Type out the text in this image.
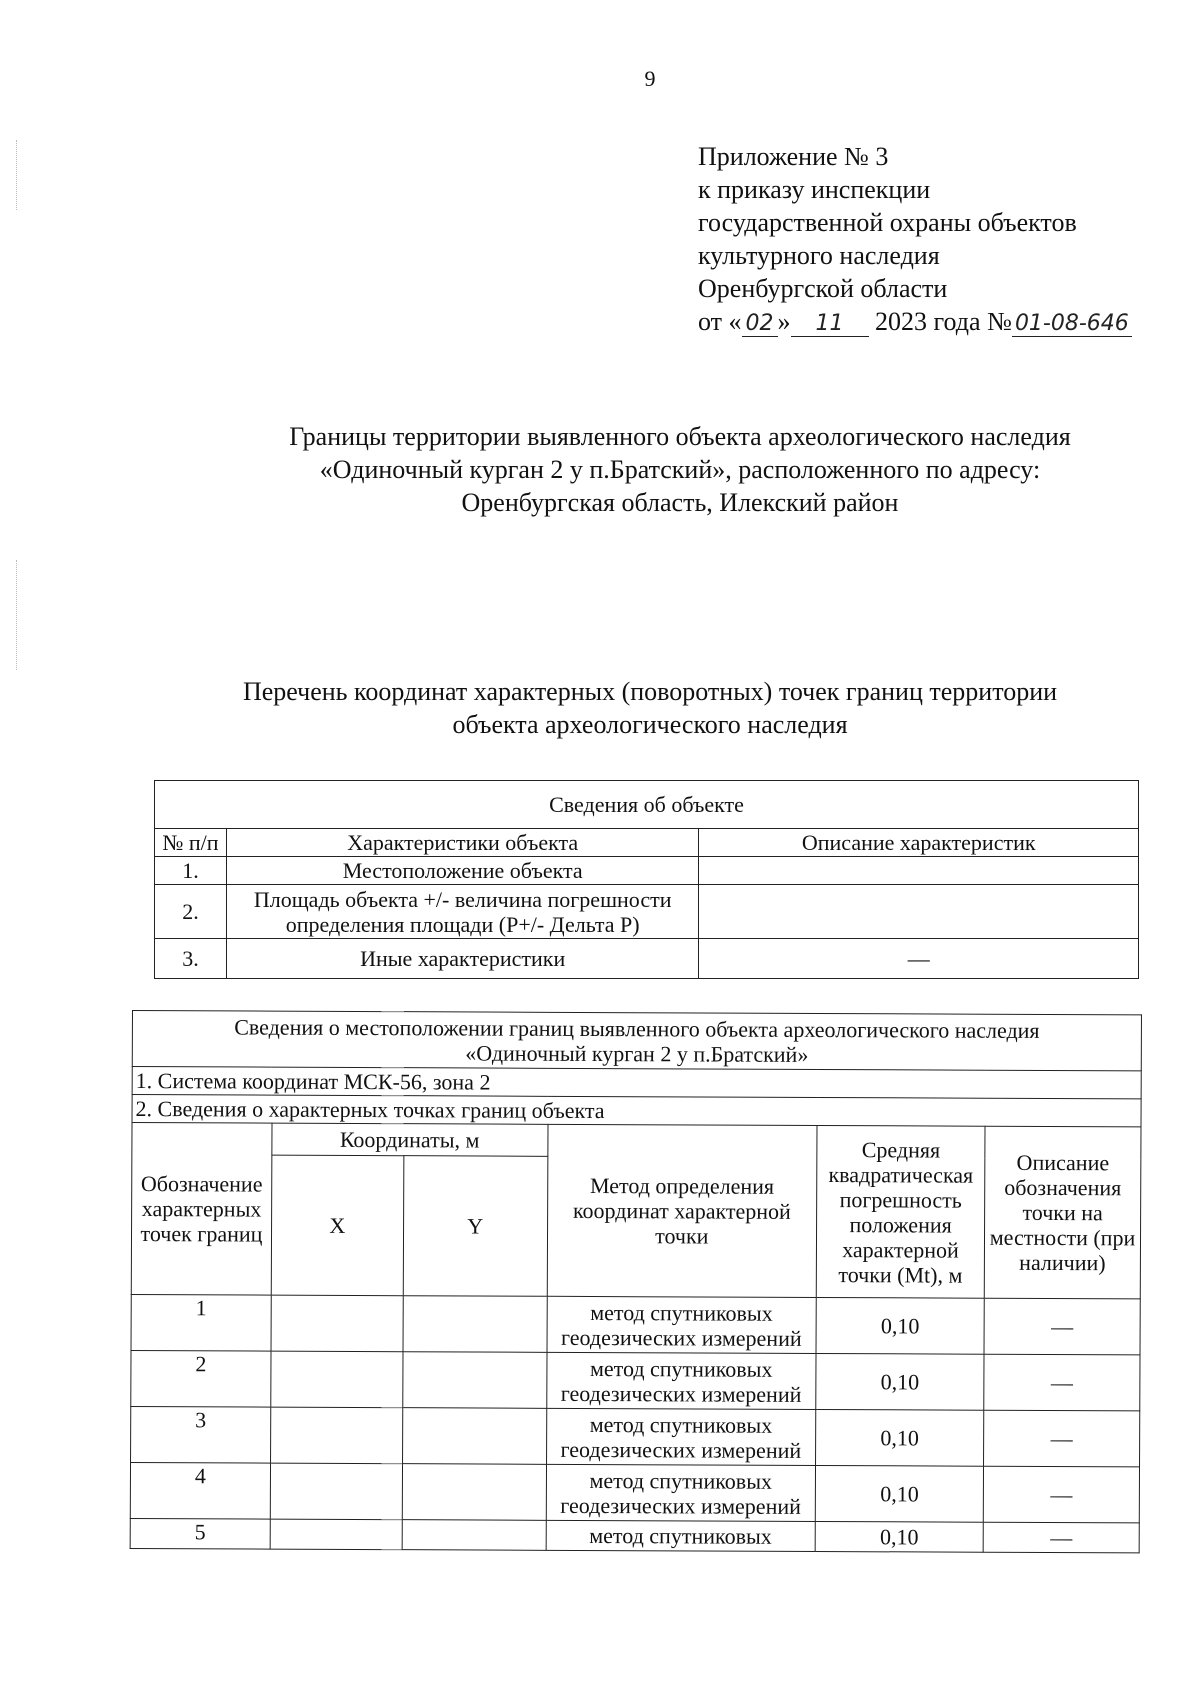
9
Приложение № 3
к приказу инспекции
государственной охраны объектов
культурного наследия
Оренбургской области
от « 02 » 11 2023 года № 01-08-646
Границы территории выявленного объекта археологического наследия
«Одиночный курган 2 у п.Братский», расположенного по адресу:
Оренбургская область, Илекский район
Перечень координат характерных (поворотных) точек границ территории
объекта археологического наследия
Сведения об объекте		
№ п/п	Характеристики объекта	Описание характеристик
1.	Местоположение объекта	
2.	Площадь объекта +/- величина погрешности определения площади (Р+/- Дельта Р)	
3.	Иные характеристики	—
Сведения о местоположении границ выявленного объекта археологического наследия
«Одиночный курган 2 у п.Братский»					

1. Система координат МСК-56, зона 2					
2. Сведения о характерных точках границ объекта					
Обозначение характерных точек границ	Координаты, м		Метод определения координат характерной точки	Средняя квадратическая погрешность положения характерной точки (Mt), м	Описание обозначения точки на местности (при наличии)
	X	Y			
1			метод спутниковых геодезических измерений	0,10	—
2			метод спутниковых геодезических измерений	0,10	—
3			метод спутниковых геодезических измерений	0,10	—
4			метод спутниковых геодезических измерений	0,10	—
5			метод спутниковых	0,10	—
